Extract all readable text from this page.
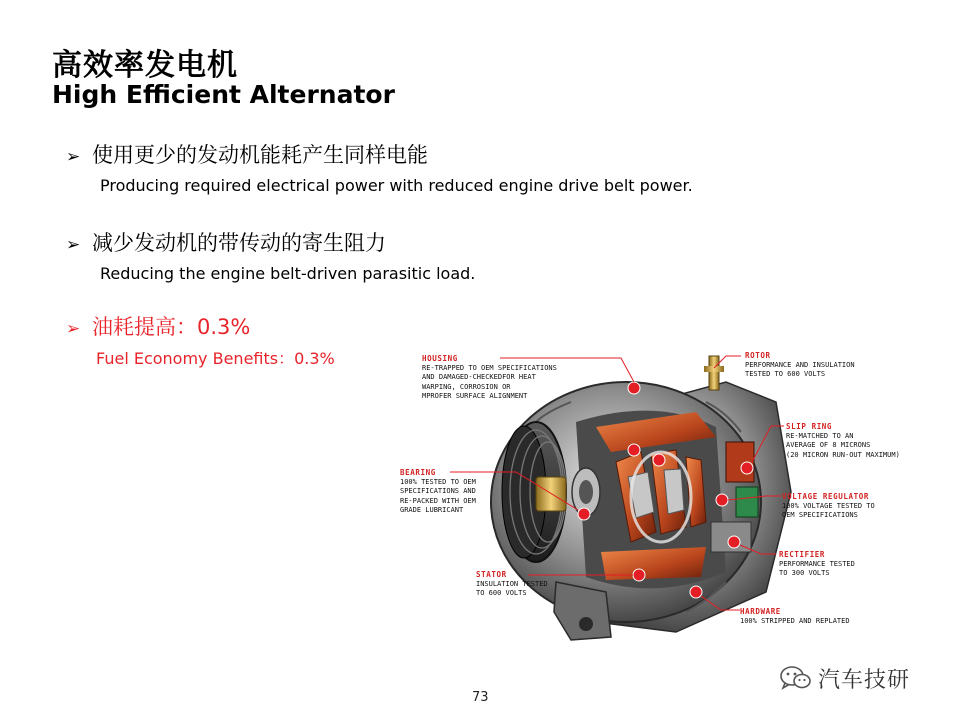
高效率发电机
High Efficient Alternator
➢ 使用更少的发动机能耗产生同样电能
Producing required electrical power with reduced engine drive belt power.
➢ 减少发动机的带传动的寄生阻力
Reducing the engine belt-driven parasitic load.
➢ 油耗提高：0.3%
Fuel Economy Benefits：0.3%	HOUSING
RE-TRAPPED TO OEM SPECIFICATIONS
AND DAMAGED-CHECKEDFOR HEAT
WARPING, CORROSION OR
MPROFER SURFACE ALIGNMENT
ROTOR
PERFORMANCE AND INSULATION
TESTED TO 600 VOLTS
SLIP RING
RE-MATCHED TO AN
AVERAGE OF 8 MICRONS
(20 MICRON RUN-OUT MAXIMUM)
BEARING
100% TESTED TO OEM
SPECIFICATIONS AND
RE-PACKED WITH OEM
GRADE LUBRICANT
VOLTAGE REGULATOR
100% VOLTAGE TESTED TO
OEM SPECIFICATIONS
RECTIFIER
PERFORMANCE TESTED
TO 300 VOLTS
STATOR
INSULATION TESTED
TO 600 VOLTS
HARDWARE
100% STRIPPED AND REPLATED
73
汽车技研
